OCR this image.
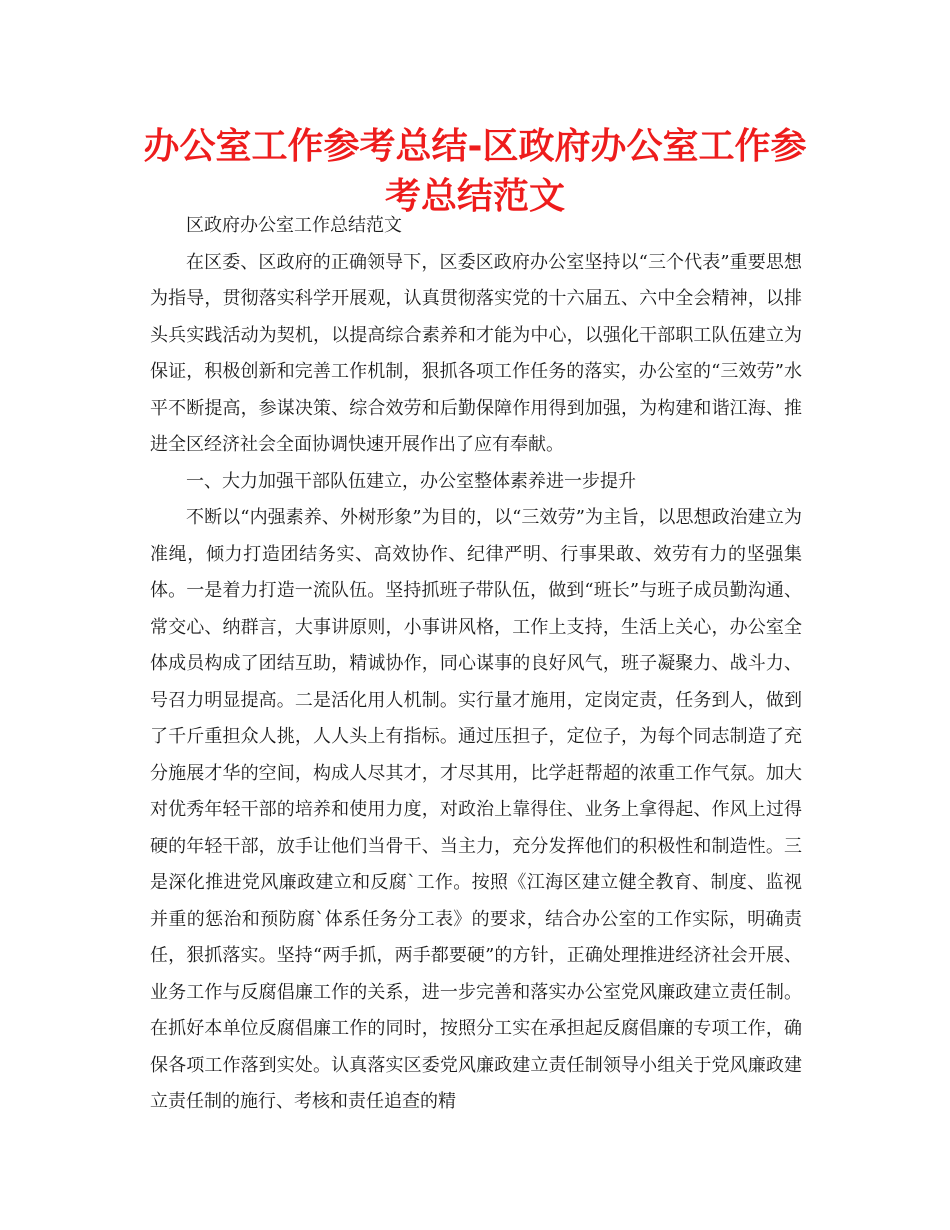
办公室工作参考总结-区政府办公室工作参考总结范文

区政府办公室工作总结范文

在区委、区政府的正确领导下，区委区政府办公室坚持以“三个代表”重要思想为指导，贯彻落实科学开展观，认真贯彻落实党的十六届五、六中全会精神，以排头兵实践活动为契机，以提高综合素养和才能为中心，以强化干部职工队伍建立为保证，积极创新和完善工作机制，狠抓各项工作任务的落实，办公室的“三效劳”水平不断提高，参谋决策、综合效劳和后勤保障作用得到加强，为构建和谐江海、推进全区经济社会全面协调快速开展作出了应有奉献。

一、大力加强干部队伍建立，办公室整体素养进一步提升

不断以“内强素养、外树形象”为目的，以“三效劳”为主旨，以思想政治建立为准绳，倾力打造团结务实、高效协作、纪律严明、行事果敢、效劳有力的坚强集体。一是着力打造一流队伍。坚持抓班子带队伍，做到“班长”与班子成员勤沟通、常交心、纳群言，大事讲原则，小事讲风格，工作上支持，生活上关心，办公室全体成员构成了团结互助，精诚协作，同心谋事的良好风气，班子凝聚力、战斗力、号召力明显提高。二是活化用人机制。实行量才施用，定岗定责，任务到人，做到了千斤重担众人挑，人人头上有指标。通过压担子，定位子，为每个同志制造了充分施展才华的空间，构成人尽其才，才尽其用，比学赶帮超的浓重工作气氛。加大对优秀年轻干部的培养和使用力度，对政治上靠得住、业务上拿得起、作风上过得硬的年轻干部，放手让他们当骨干、当主力，充分发挥他们的积极性和制造性。三是深化推进党风廉政建立和反腐`工作。按照《江海区建立健全教育、制度、监视并重的惩治和预防腐`体系任务分工表》的要求，结合办公室的工作实际，明确责任，狠抓落实。坚持“两手抓，两手都要硬”的方针，正确处理推进经济社会开展、业务工作与反腐倡廉工作的关系，进一步完善和落实办公室党风廉政建立责任制。在抓好本单位反腐倡廉工作的同时，按照分工实在承担起反腐倡廉的专项工作，确保各项工作落到实处。认真落实区委党风廉政建立责任制领导小组关于党风廉政建立责任制的施行、考核和责任追查的精
